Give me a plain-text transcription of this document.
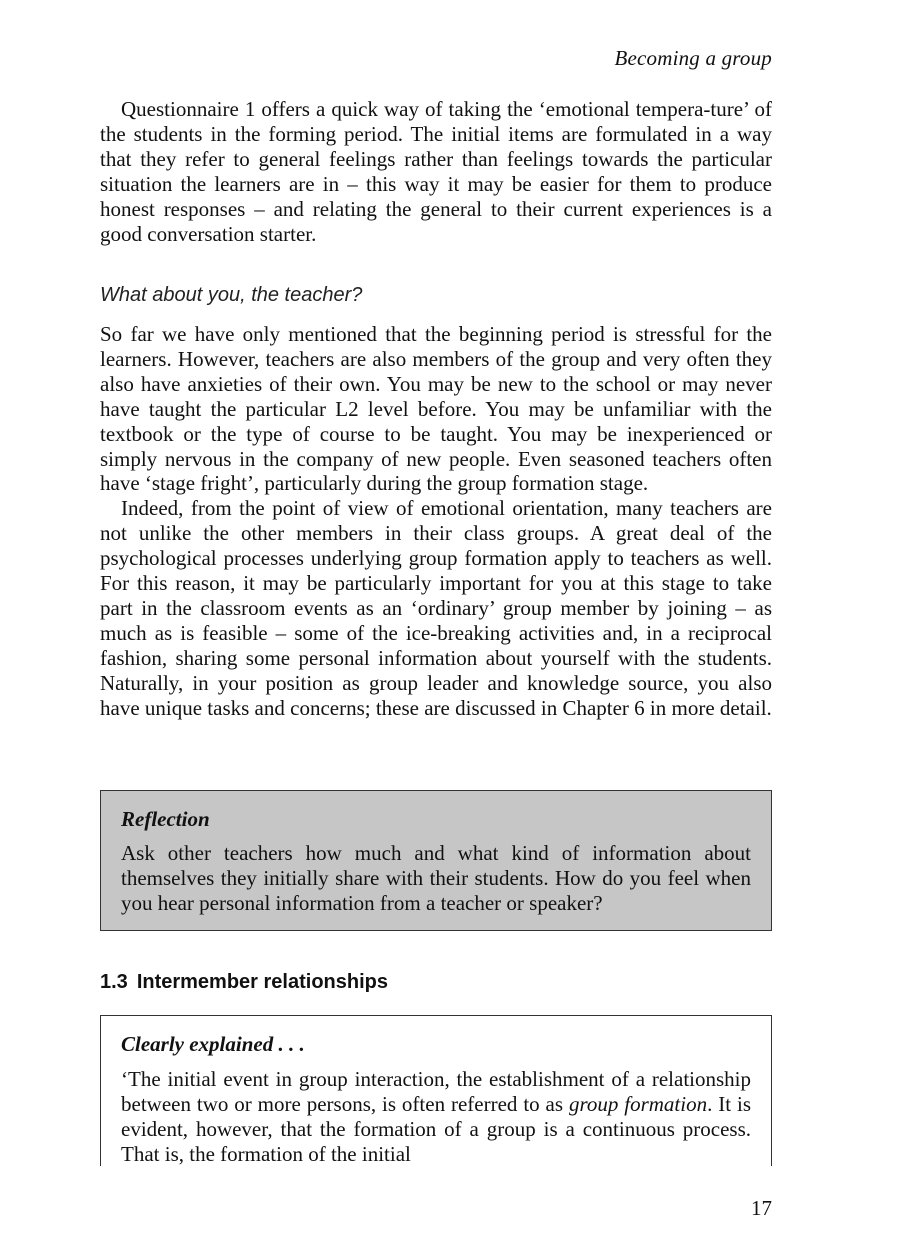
Becoming a group

Questionnaire 1 offers a quick way of taking the ‘emotional tempera-ture’ of the students in the forming period. The initial items are formulated in a way that they refer to general feelings rather than feelings towards the particular situation the learners are in – this way it may be easier for them to produce honest responses – and relating the general to their current experiences is a good conversation starter.

What about you, the teacher?

So far we have only mentioned that the beginning period is stressful for the learners. However, teachers are also members of the group and very often they also have anxieties of their own. You may be new to the school or may never have taught the particular L2 level before. You may be unfamiliar with the textbook or the type of course to be taught. You may be inexperienced or simply nervous in the company of new people. Even seasoned teachers often have ‘stage fright’, particularly during the group formation stage.

Indeed, from the point of view of emotional orientation, many teachers are not unlike the other members in their class groups. A great deal of the psychological processes underlying group formation apply to teachers as well. For this reason, it may be particularly important for you at this stage to take part in the classroom events as an ‘ordinary’ group member by joining – as much as is feasible – some of the ice-breaking activities and, in a reciprocal fashion, sharing some personal information about yourself with the students. Naturally, in your position as group leader and knowledge source, you also have unique tasks and concerns; these are discussed in Chapter 6 in more detail.

Reflection
Ask other teachers how much and what kind of information about themselves they initially share with their students. How do you feel when you hear personal information from a teacher or speaker?
1.3 Intermember relationships
Clearly explained . . .
‘The initial event in group interaction, the establishment of a relationship between two or more persons, is often referred to as group formation. It is evident, however, that the formation of a group is a continuous process. That is, the formation of the initial
17
